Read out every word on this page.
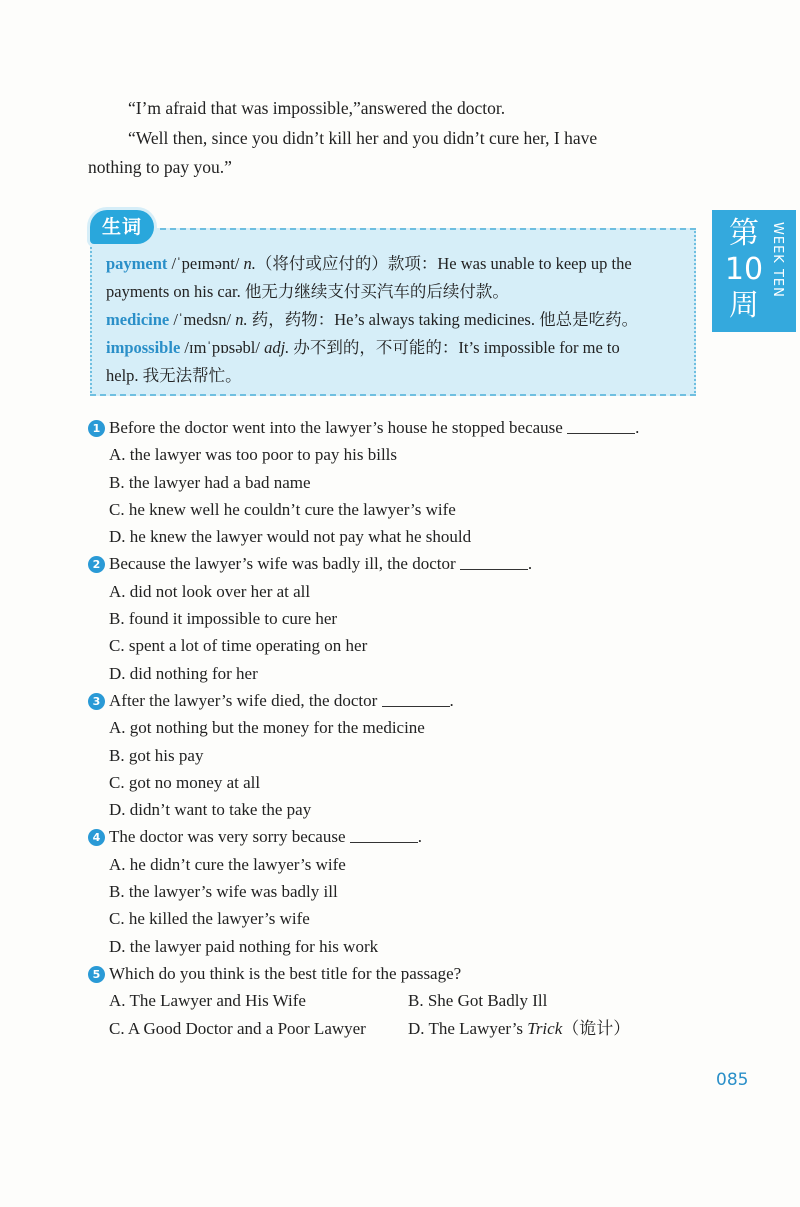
“I’m afraid that was impossible,”answered the doctor.
“Well then, since you didn’t kill her and you didn’t cure her, I have
nothing to pay you.”
生词
payment /ˈpeɪmənt/ n.（将付或应付的）款项：He was unable to keep up the
payments on his car. 他无力继续支付买汽车的后续付款。
medicine /ˈmedsn/ n. 药，药物：He’s always taking medicines. 他总是吃药。
impossible /ɪmˈpɒsəbl/ adj. 办不到的，不可能的：It’s impossible for me to
help. 我无法帮忙。
第
10
周
WEEK TEN
1 Before the doctor went into the lawyer’s house he stopped because	.
A. the lawyer was too poor to pay his bills
B. the lawyer had a bad name
C. he knew well he couldn’t cure the lawyer’s wife
D. he knew the lawyer would not pay what he should
2 Because the lawyer’s wife was badly ill, the doctor	.
A. did not look over her at all
B. found it impossible to cure her
C. spent a lot of time operating on her
D. did nothing for her
3 After the lawyer’s wife died, the doctor	.
A. got nothing but the money for the medicine
B. got his pay
C. got no money at all
D. didn’t want to take the pay
4 The doctor was very sorry because	.
A. he didn’t cure the lawyer’s wife
B. the lawyer’s wife was badly ill
C. he killed the lawyer’s wife
D. the lawyer paid nothing for his work
5 Which do you think is the best title for the passage?
A. The Lawyer and His Wife	B. She Got Badly Ill
C. A Good Doctor and a Poor Lawyer D. The Lawyer’s Trick（诡计）
085
